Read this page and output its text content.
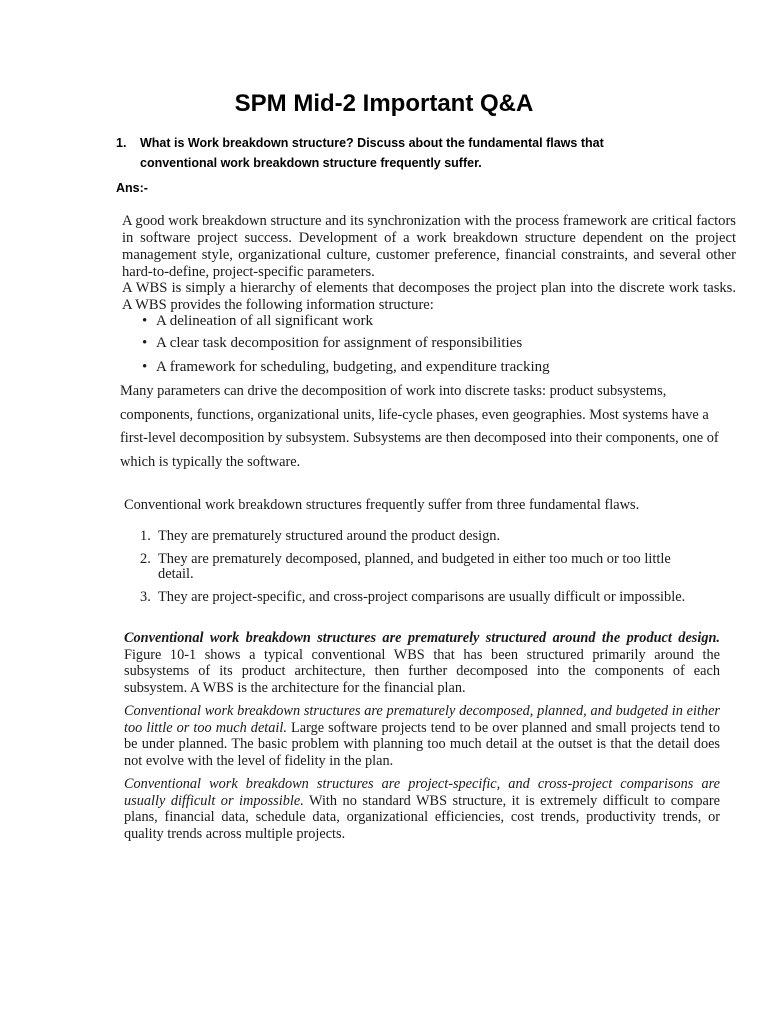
SPM Mid-2 Important Q&A
1. What is Work breakdown structure? Discuss about the fundamental flaws that conventional work breakdown structure frequently suffer.
Ans:-

A good work breakdown structure and its synchronization with the process framework are critical factors in software project success. Development of a work breakdown structure dependent on the project management style, organizational culture, customer preference, financial constraints, and several other hard-to-define, project-specific parameters.

A WBS is simply a hierarchy of elements that decomposes the project plan into the discrete work tasks. A WBS provides the following information structure:

• A delineation of all significant work
• A clear task decomposition for assignment of responsibilities
• A framework for scheduling, budgeting, and expenditure tracking

Many parameters can drive the decomposition of work into discrete tasks: product subsystems, components, functions, organizational units, life-cycle phases, even geographies. Most systems have a first-level decomposition by subsystem. Subsystems are then decomposed into their components, one of which is typically the software.

Conventional work breakdown structures frequently suffer from three fundamental flaws.

1. They are prematurely structured around the product design.
2. They are prematurely decomposed, planned, and budgeted in either too much or too little detail.
3. They are project-specific, and cross-project comparisons are usually difficult or impossible.

Conventional work breakdown structures are prematurely structured around the product design. Figure 10-1 shows a typical conventional WBS that has been structured primarily around the subsystems of its product architecture, then further decomposed into the components of each subsystem. A WBS is the architecture for the financial plan.

Conventional work breakdown structures are prematurely decomposed, planned, and budgeted in either too little or too much detail. Large software projects tend to be over planned and small projects tend to be under planned. The basic problem with planning too much detail at the outset is that the detail does not evolve with the level of fidelity in the plan.

Conventional work breakdown structures are project-specific, and cross-project comparisons are usually difficult or impossible. With no standard WBS structure, it is extremely difficult to compare plans, financial data, schedule data, organizational efficiencies, cost trends, productivity trends, or quality trends across multiple projects.
